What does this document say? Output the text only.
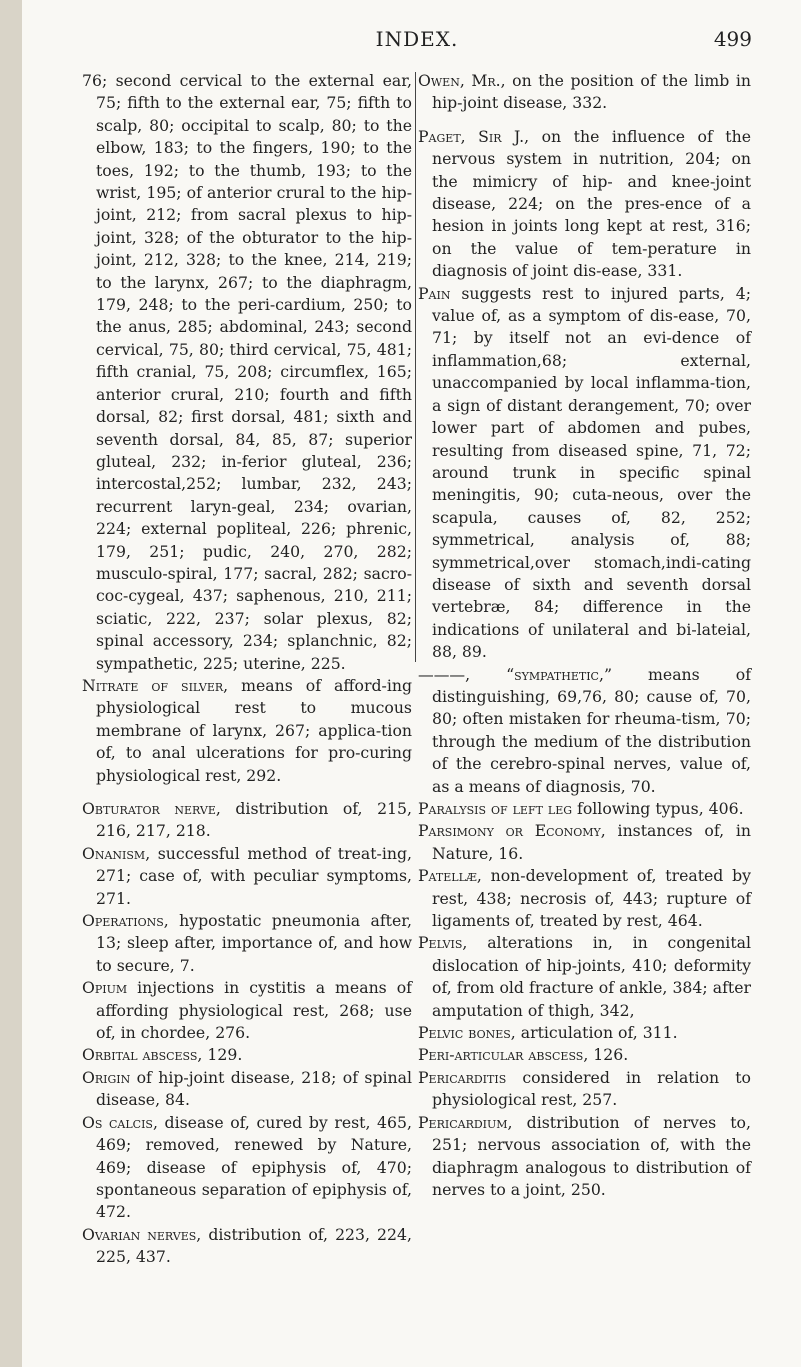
INDEX.	499

76; second cervical to the external ear, 75; fifth to the external ear, 75; fifth to scalp, 80; occipital to scalp, 80; to the elbow, 183; to the fingers, 190; to the toes, 192; to the thumb, 193; to the wrist, 195; of anterior crural to the hip-joint, 212; from sacral plexus to hip-joint, 328; of the obturator to the hip-joint, 212, 328; to the knee, 214, 219; to the larynx, 267; to the diaphragm, 179, 248; to the peri-cardium, 250; to the anus, 285; abdominal, 243; second cervical, 75, 80; third cervical, 75, 481; fifth cranial, 75, 208; circumflex, 165; anterior crural, 210; fourth and fifth dorsal, 82; first dorsal, 481; sixth and seventh dorsal, 84, 85, 87; superior gluteal, 232; in-ferior gluteal, 236; intercostal,252; lumbar, 232, 243; recurrent laryn-geal, 234; ovarian, 224; external popliteal, 226; phrenic, 179, 251; pudic, 240, 270, 282; musculo-spiral, 177; sacral, 282; sacro-coc-cygeal, 437; saphenous, 210, 211; sciatic, 222, 237; solar plexus, 82; spinal accessory, 234; splanchnic, 82; sympathetic, 225; uterine, 225.

Nitrate of silver, means of afford-ing physiological rest to mucous membrane of larynx, 267; applica-tion of, to anal ulcerations for pro-curing physiological rest, 292.

Obturator nerve, distribution of, 215, 216, 217, 218.

Onanism, successful method of treat-ing, 271; case of, with peculiar symptoms, 271.

Operations, hypostatic pneumonia after, 13; sleep after, importance of, and how to secure, 7.

Opium injections in cystitis a means of affording physiological rest, 268; use of, in chordee, 276.

Orbital abscess, 129.

Origin of hip-joint disease, 218; of spinal disease, 84.

Os calcis, disease of, cured by rest, 465, 469; removed, renewed by Nature, 469; disease of epiphysis of, 470; spontaneous separation of epiphysis of, 472.

Ovarian nerves, distribution of, 223, 224, 225, 437.

Owen, Mr., on the position of the limb in hip-joint disease, 332.

Paget, Sir J., on the influence of the nervous system in nutrition, 204; on the mimicry of hip- and knee-joint disease, 224; on the pres-ence of a hesion in joints long kept at rest, 316; on the value of tem-perature in diagnosis of joint dis-ease, 331.

Pain suggests rest to injured parts, 4; value of, as a symptom of dis-ease, 70, 71; by itself not an evi-dence of inflammation,68; external, unaccompanied by local inflamma-tion, a sign of distant derangement, 70; over lower part of abdomen and pubes, resulting from diseased spine, 71, 72; around trunk in specific spinal meningitis, 90; cuta-neous, over the scapula, causes of, 82, 252; symmetrical, analysis of, 88; symmetrical,over stomach,indi-cating disease of sixth and seventh dorsal vertebræ, 84; difference in the indications of unilateral and bi-lateial, 88, 89.

———, “sympathetic,” means of distinguishing, 69,76, 80; cause of, 70, 80; often mistaken for rheuma-tism, 70; through the medium of the distribution of the cerebro-spinal nerves, value of, as a means of diagnosis, 70.

Paralysis of left leg following typus, 406.

Parsimony or Economy, instances of, in Nature, 16.

Patellæ, non-development of, treated by rest, 438; necrosis of, 443; rupture of ligaments of, treated by rest, 464.

Pelvis, alterations in, in congenital dislocation of hip-joints, 410; deformity of, from old fracture of ankle, 384; after amputation of thigh, 342,

Pelvic bones, articulation of, 311.

Peri-articular abscess, 126.

Pericarditis considered in relation to physiological rest, 257.

Pericardium, distribution of nerves to, 251; nervous association of, with the diaphragm analogous to distribution of nerves to a joint, 250.
